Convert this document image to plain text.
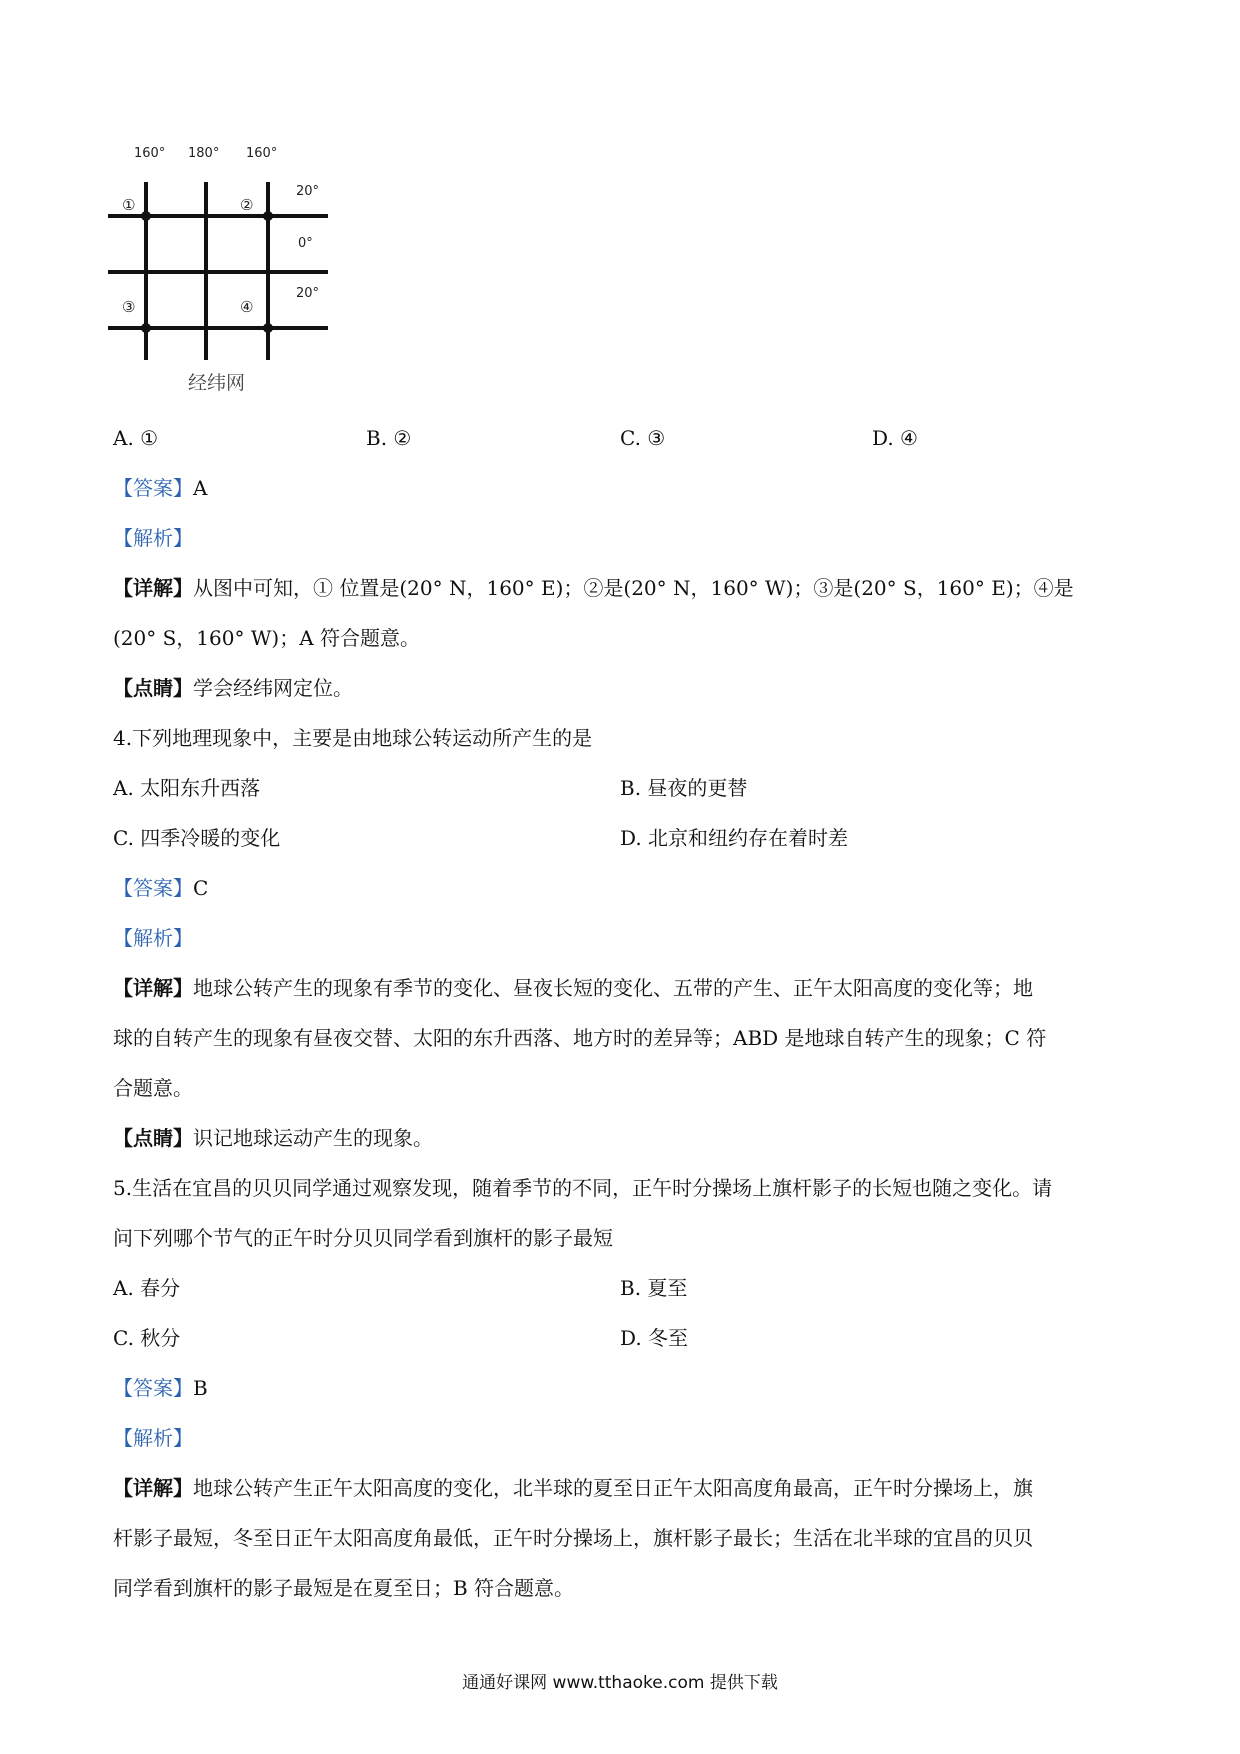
160° 180° 160°
20°
0°
20°
①	②
③	④
经纬网
A. ①	B. ②	C. ③	D. ④
【答案】A
【解析】
【详解】从图中可知，① 位置是(20° N，160° E)；②是(20° N，160° W)；③是(20° S，160° E)；④是
(20° S，160° W)；A 符合题意。
【点睛】学会经纬网定位。
4.下列地理现象中，主要是由地球公转运动所产生的是
A. 太阳东升西落	B. 昼夜的更替
C. 四季冷暖的变化	D. 北京和纽约存在着时差
【答案】C
【解析】
【详解】地球公转产生的现象有季节的变化、昼夜长短的变化、五带的产生、正午太阳高度的变化等；地
球的自转产生的现象有昼夜交替、太阳的东升西落、地方时的差异等；ABD 是地球自转产生的现象；C 符
合题意。
【点睛】识记地球运动产生的现象。
5.生活在宜昌的贝贝同学通过观察发现，随着季节的不同，正午时分操场上旗杆影子的长短也随之变化。请
问下列哪个节气的正午时分贝贝同学看到旗杆的影子最短
A. 春分	B. 夏至
C. 秋分	D. 冬至
【答案】B
【解析】
【详解】地球公转产生正午太阳高度的变化，北半球的夏至日正午太阳高度角最高，正午时分操场上，旗
杆影子最短，冬至日正午太阳高度角最低，正午时分操场上，旗杆影子最长；生活在北半球的宜昌的贝贝
同学看到旗杆的影子最短是在夏至日；B 符合题意。
通通好课网 www.tthaoke.com 提供下载
